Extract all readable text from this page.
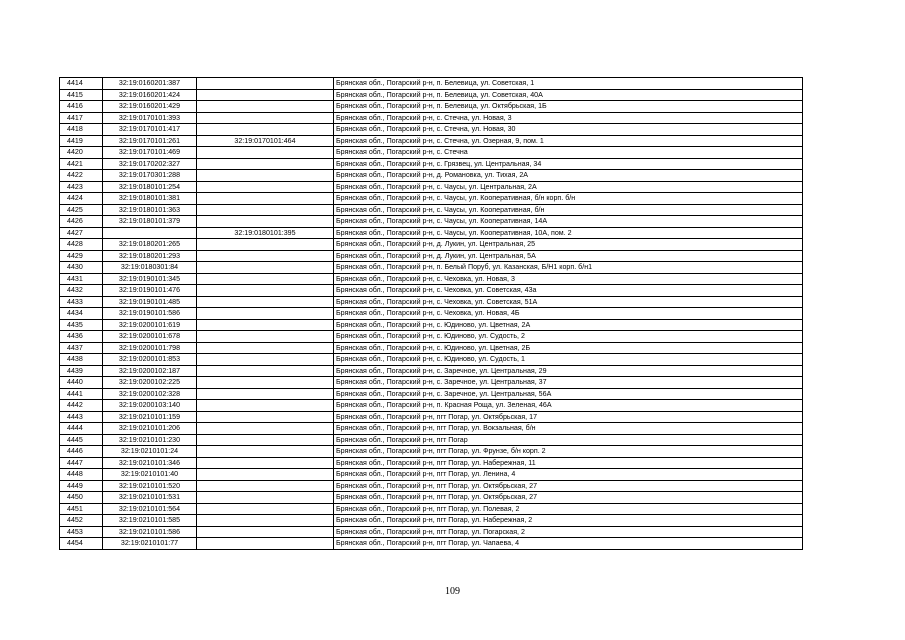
4414	32:19:0160201:387		Брянская обл., Погарский р-н, п. Белевица, ул. Советская, 1
4415	32:19:0160201:424		Брянская обл., Погарский р-н, п. Белевица, ул. Советская, 40А
4416	32:19:0160201:429		Брянская обл., Погарский р-н, п. Белевица, ул. Октябрьская, 1Б
4417	32:19:0170101:393		Брянская обл., Погарский р-н, с. Стечна, ул. Новая, 3
4418	32:19:0170101:417		Брянская обл., Погарский р-н, с. Стечна, ул. Новая, 30
4419	32:19:0170101:261	32:19:0170101:464	Брянская обл., Погарский р-н, с. Стечна, ул. Озерная, 9, пом. 1
4420	32:19:0170101:469		Брянская обл., Погарский р-н, с. Стечна
4421	32:19:0170202:327		Брянская обл., Погарский р-н, с. Грязвец, ул. Центральная, 34
4422	32:19:0170301:288		Брянская обл., Погарский р-н, д. Романовка, ул. Тихая, 2А
4423	32:19:0180101:254		Брянская обл., Погарский р-н, с. Чаусы, ул. Центральная, 2А
4424	32:19:0180101:381		Брянская обл., Погарский р-н, с. Чаусы, ул. Кооперативная, б/н корп. б/н
4425	32:19:0180101:363		Брянская обл., Погарский р-н, с. Чаусы, ул. Кооперативная, б/н
4426	32:19:0180101:379		Брянская обл., Погарский р-н, с. Чаусы, ул. Кооперативная, 14А
4427		32:19:0180101:395	Брянская обл., Погарский р-н, с. Чаусы, ул. Кооперативная, 10А, пом. 2
4428	32:19:0180201:265		Брянская обл., Погарский р-н, д. Лукин, ул. Центральная, 25
4429	32:19:0180201:293		Брянская обл., Погарский р-н, д. Лукин, ул. Центральная, 5А
4430	32:19:0180301:84		Брянская обл., Погарский р-н, п. Белый Поруб, ул. Казанская, Б/Н1 корп. б/н1
4431	32:19:0190101:345		Брянская обл., Погарский р-н, с. Чеховка, ул. Новая, 3
4432	32:19:0190101:476		Брянская обл., Погарский р-н, с. Чеховка, ул. Советская, 43а
4433	32:19:0190101:485		Брянская обл., Погарский р-н, с. Чеховка, ул. Советская, 51А
4434	32:19:0190101:586		Брянская обл., Погарский р-н, с. Чеховка, ул. Новая, 4Б
4435	32:19:0200101:619		Брянская обл., Погарский р-н, с. Юдиново, ул. Цветная, 2А
4436	32:19:0200101:678		Брянская обл., Погарский р-н, с. Юдиново, ул. Судость, 2
4437	32:19:0200101:798		Брянская обл., Погарский р-н, с. Юдиново, ул. Цветная, 2Б
4438	32:19:0200101:853		Брянская обл., Погарский р-н, с. Юдиново, ул. Судость, 1
4439	32:19:0200102:187		Брянская обл., Погарский р-н, с. Заречное, ул. Центральная, 29
4440	32:19:0200102:225		Брянская обл., Погарский р-н, с. Заречное, ул. Центральная, 37
4441	32:19:0200102:328		Брянская обл., Погарский р-н, с. Заречное, ул. Центральная, 56А
4442	32:19:0200103:140		Брянская обл., Погарский р-н, п. Красная Роща, ул. Зеленая, 46А
4443	32:19:0210101:159		Брянская обл., Погарский р-н, пгт Погар, ул. Октябрьская, 17
4444	32:19:0210101:206		Брянская обл., Погарский р-н, пгт Погар, ул. Вокзальная, б/н
4445	32:19:0210101:230		Брянская обл., Погарский р-н, пгт Погар
4446	32:19:0210101:24		Брянская обл., Погарский р-н, пгт Погар, ул. Фрунзе, б/н корп. 2
4447	32:19:0210101:346		Брянская обл., Погарский р-н, пгт Погар, ул. Набережная, 11
4448	32:19:0210101:40		Брянская обл., Погарский р-н, пгт Погар, ул. Ленина, 4
4449	32:19:0210101:520		Брянская обл., Погарский р-н, пгт Погар, ул. Октябрьская, 27
4450	32:19:0210101:531		Брянская обл., Погарский р-н, пгт Погар, ул. Октябрьская, 27
4451	32:19:0210101:564		Брянская обл., Погарский р-н, пгт Погар, ул. Полевая, 2
4452	32:19:0210101:585		Брянская обл., Погарский р-н, пгт Погар, ул. Набережная, 2
4453	32:19:0210101:586		Брянская обл., Погарский р-н, пгт Погар, ул. Погарская, 2
4454	32:19:0210101:77		Брянская обл., Погарский р-н, пгт Погар, ул. Чапаева, 4
109
